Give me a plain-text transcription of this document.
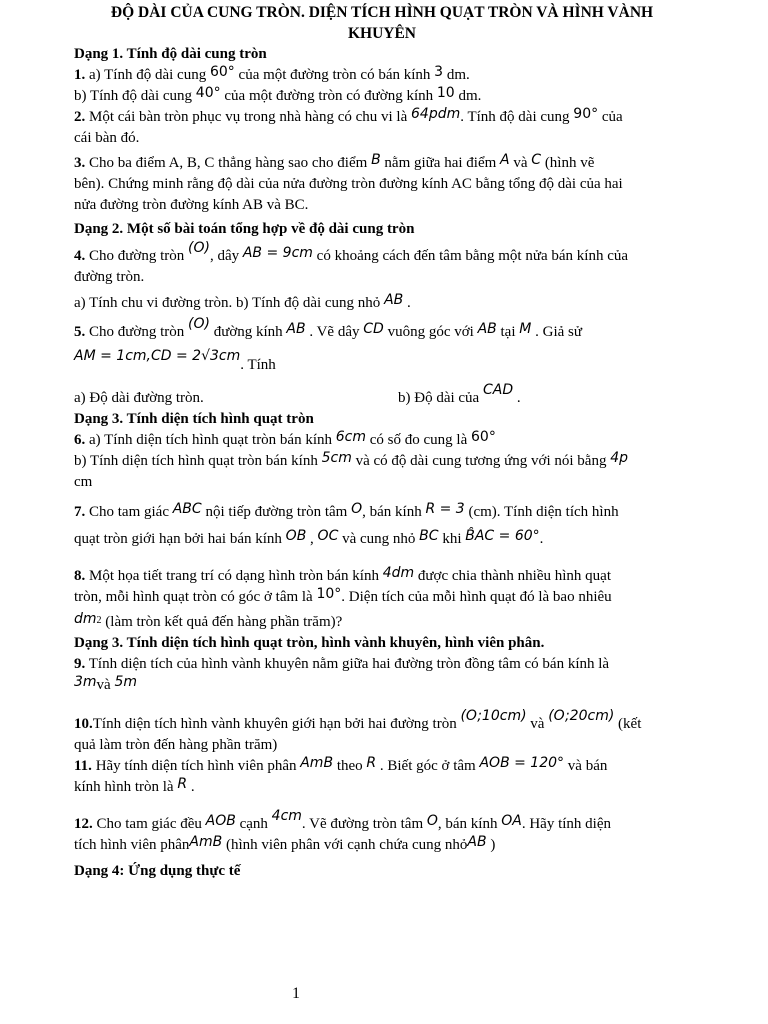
ĐỘ DÀI CỦA CUNG TRÒN. DIỆN TÍCH HÌNH QUẠT TRÒN VÀ HÌNH VÀNH
KHUYÊN
Dạng 1. Tính độ dài cung tròn
1. a) Tính độ dài cung 60° của một đường tròn có bán kính 3 dm.
b) Tính độ dài cung 40° của một đường tròn có đường kính 10 dm.
2. Một cái bàn tròn phục vụ trong nhà hàng có chu vi là 64pdm. Tính độ dài cung 90° của
cái bàn đó.
3. Cho ba điểm A, B, C thẳng hàng sao cho điểm B nằm giữa hai điểm A và C (hình vẽ
bên). Chứng minh rằng độ dài của nửa đường tròn đường kính AC bằng tổng độ dài của hai
nửa đường tròn đường kính AB và BC.
Dạng 2. Một số bài toán tổng hợp về độ dài cung tròn
4. Cho đường tròn (O), dây AB = 9cm có khoảng cách đến tâm bằng một nửa bán kính của
đường tròn.
a) Tính chu vi đường tròn. b) Tính độ dài cung nhỏ AB .
5. Cho đường tròn (O) đường kính AB . Vẽ dây CD vuông góc với AB tại M . Giả sử
AM = 1cm,CD = 2√3cm. Tính
a) Độ dài đường tròn.	b) Độ dài của CAD .
Dạng 3. Tính diện tích hình quạt tròn
6. a) Tính diện tích hình quạt tròn bán kính 6cm có số đo cung là 60°
b) Tính diện tích hình quạt tròn bán kính 5cm và có độ dài cung tương ứng với nói bằng 4p
cm
7. Cho tam giác ABC nội tiếp đường tròn tâm O, bán kính R = 3 (cm). Tính diện tích hình
quạt tròn giới hạn bởi hai bán kính OB , OC và cung nhỏ BC khi B̂AC = 60°.
8. Một họa tiết trang trí có dạng hình tròn bán kính 4dm được chia thành nhiều hình quạt
tròn, mỗi hình quạt tròn có góc ở tâm là 10°. Diện tích của mỗi hình quạt đó là bao nhiêu
$dm^2$ (làm tròn kết quả đến hàng phần trăm)?
Dạng 3. Tính diện tích hình quạt tròn, hình vành khuyên, hình viên phân.
9. Tính diện tích của hình vành khuyên nằm giữa hai đường tròn đồng tâm có bán kính là
3mvà 5m
10.Tính diện tích hình vành khuyên giới hạn bởi hai đường tròn (O;10cm) và (O;20cm) (kết
quả làm tròn đến hàng phần trăm)
11. Hãy tính diện tích hình viên phân AmB theo R . Biết góc ở tâm AOB = 120° và bán
kính hình tròn là R .
12. Cho tam giác đều AOB cạnh 4cm. Vẽ đường tròn tâm O, bán kính OA. Hãy tính diện
tích hình viên phânAmB (hình viên phân với cạnh chứa cung nhỏAB )
Dạng 4: Ứng dụng thực tế
1
